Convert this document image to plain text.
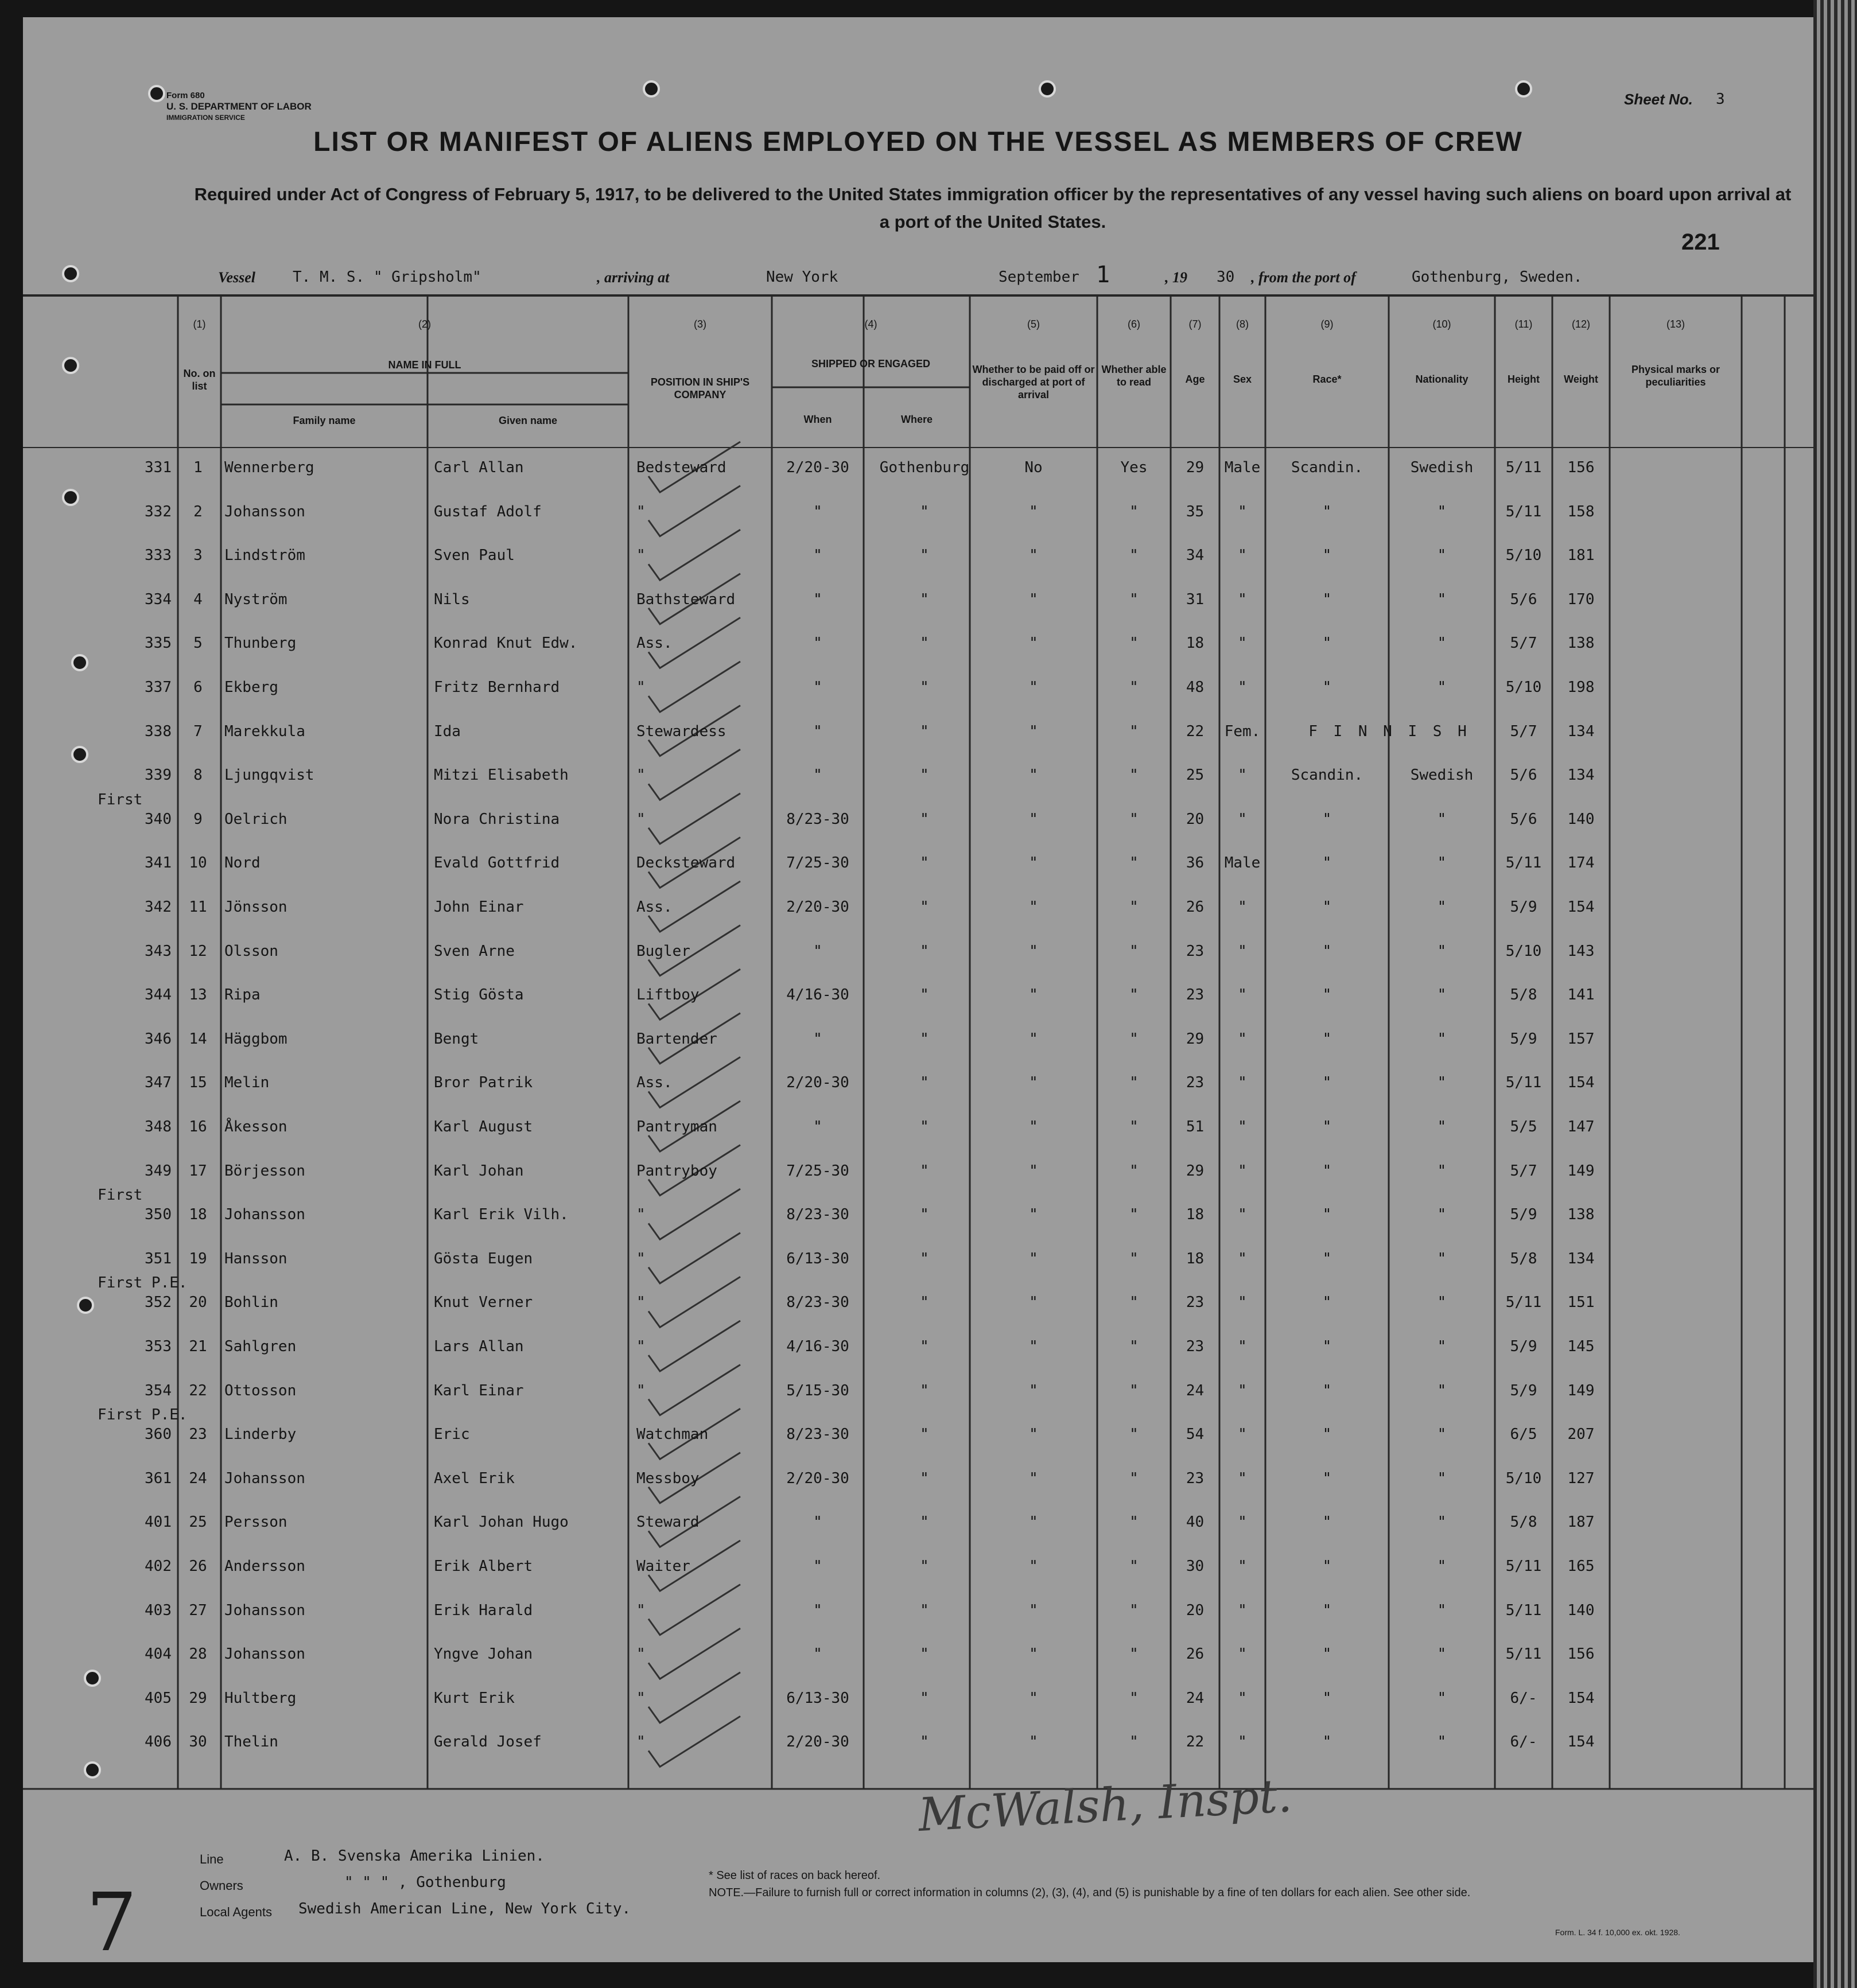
Form 680
U. S. DEPARTMENT OF LABOR
IMMIGRATION SERVICE
Sheet No. 3
LIST OR MANIFEST OF ALIENS EMPLOYED ON THE VESSEL AS MEMBERS OF CREW
Required under Act of Congress of February 5, 1917, to be delivered to the United States immigration officer by the representatives of any vessel having such aliens on board upon arrival at a port of the United States.
221
Vessel	T. M. S. " Gripsholm"	, arriving at	New York	September 1	, 19 30 , from the port of	Gothenburg, Sweden.
(1)	(2)	(3)	(4)	(5)	(6)	(7)	(8)	(9)	(10)	(11)	(12)	(13)
No. on list
NAME IN FULL
Family name	Given name
POSITION IN SHIP'S COMPANY
SHIPPED OR ENGAGED
When	Where
Whether to be paid off or discharged at port of arrival
Whether able to read	Age	Sex	Race*	Nationality	Height	Weight
Physical marks or peculiarities
331	1	Wennerberg	Carl Allan	Bedsteward	2/20-30	Gothenburg	No	Yes	29	Male	Scandin.	Swedish	5/11	156
332	2	Johansson	Gustaf Adolf	"	"	"	"	"	35	"	"	"	5/11	158
333	3	Lindström	Sven Paul	"	"	"	"	"	34	"	"	"	5/10	181
334	4	Nyström	Nils	Bathsteward	"	"	"	"	31	"	"	"	5/6	170
335	5	Thunberg	Konrad Knut Edw.	Ass.	"	"	"	"	18	"	"	"	5/7	138
337	6	Ekberg	Fritz Bernhard	"	"	"	"	"	48	"	"	"	5/10	198
338	7	Marekkula	Ida	Stewardess	"	"	"	"	22	Fem.	F I N N I S H	5/7	134
339	8	Ljungqvist	Mitzi Elisabeth	"	"	"	"	"	25	"	Scandin.	Swedish	5/6	134
340	9	Oelrich	Nora Christina	"	8/23-30	"	"	"	20	"	"	"	5/6	140
First
341	10	Nord	Evald Gottfrid	Decksteward	7/25-30	"	"	"	36	Male	"	"	5/11	174
342	11	Jönsson	John Einar	Ass.	2/20-30	"	"	"	26	"	"	"	5/9	154
343	12	Olsson	Sven Arne	Bugler	"	"	"	"	23	"	"	"	5/10	143
344	13	Ripa	Stig Gösta	Liftboy	4/16-30	"	"	"	23	"	"	"	5/8	141
346	14	Häggbom	Bengt	Bartender	"	"	"	"	29	"	"	"	5/9	157
347	15	Melin	Bror Patrik	Ass.	2/20-30	"	"	"	23	"	"	"	5/11	154
348	16	Åkesson	Karl August	Pantryman	"	"	"	"	51	"	"	"	5/5	147
349	17	Börjesson	Karl Johan	Pantryboy	7/25-30	"	"	"	29	"	"	"	5/7	149
350	18	Johansson	Karl Erik Vilh.	"	8/23-30	"	"	"	18	"	"	"	5/9	138
First
351	19	Hansson	Gösta Eugen	"	6/13-30	"	"	"	18	"	"	"	5/8	134
352	20	Bohlin	Knut Verner	"	8/23-30	"	"	"	23	"	"	"	5/11	151
First P.E.
353	21	Sahlgren	Lars Allan	"	4/16-30	"	"	"	23	"	"	"	5/9	145
354	22	Ottosson	Karl Einar	"	5/15-30	"	"	"	24	"	"	"	5/9	149
360	23	Linderby	Eric	Watchman	8/23-30	"	"	"	54	"	"	"	6/5	207
First P.E.
361	24	Johansson	Axel Erik	Messboy	2/20-30	"	"	"	23	"	"	"	5/10	127
401	25	Persson	Karl Johan Hugo	Steward	"	"	"	"	40	"	"	"	5/8	187
402	26	Andersson	Erik Albert	Waiter	"	"	"	"	30	"	"	"	5/11	165
403	27	Johansson	Erik Harald	"	"	"	"	"	20	"	"	"	5/11	140
404	28	Johansson	Yngve Johan	"	"	"	"	"	26	"	"	"	5/11	156
405	29	Hultberg	Kurt Erik	"	6/13-30	"	"	"	24	"	"	"	6/-	154
406	30	Thelin	Gerald Josef	"	2/20-30	"	"	"	22	"	"	"	6/-	154
McWalsh, Inspt.
7
Line	A. B. Svenska Amerika Linien.
Owners	" " " , Gothenburg
Local Agents Swedish American Line, New York City.
* See list of races on back hereof.
NOTE.—Failure to furnish full or correct information in columns (2), (3), (4), and (5) is punishable by a fine of ten dollars for each alien. See other side.
Form. L. 34 f. 10,000 ex. okt. 1928.
